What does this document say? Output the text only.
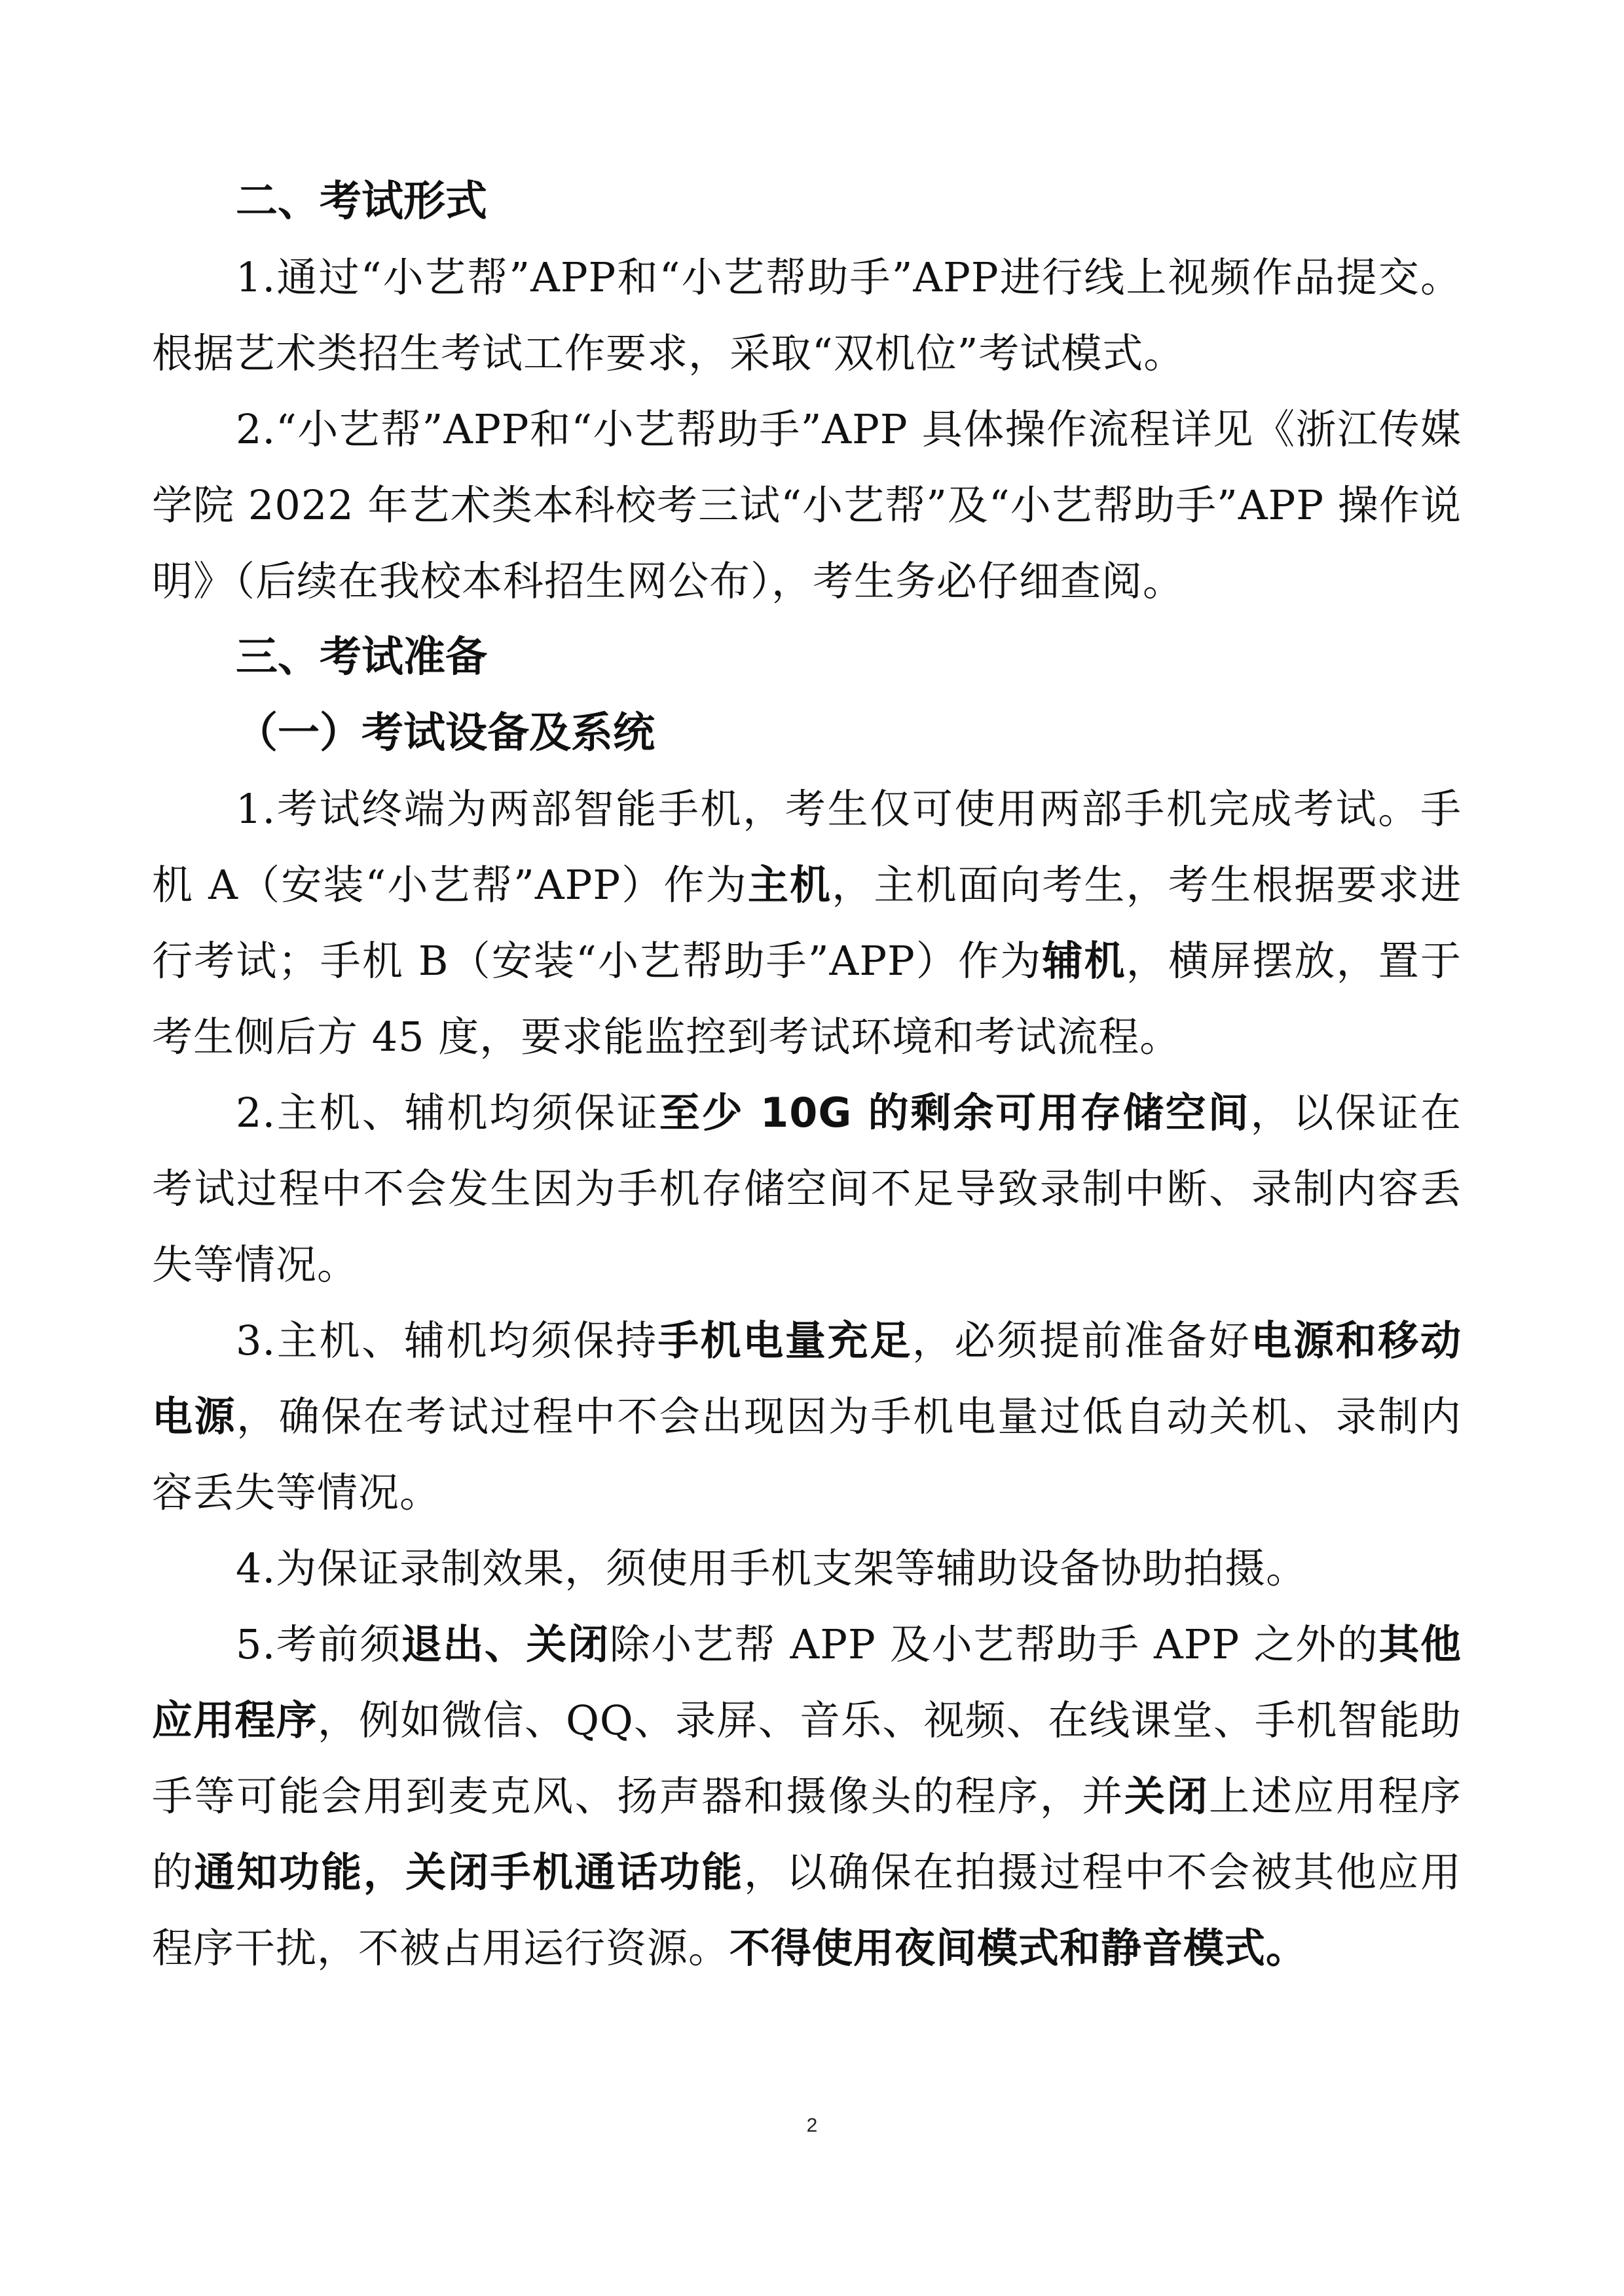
二、考试形式

1.通过“小艺帮”APP和“小艺帮助手”APP进行线上视频作品提交。根据艺术类招生考试工作要求，采取“双机位”考试模式。

2.“小艺帮”APP和“小艺帮助手”APP 具体操作流程详见《浙江传媒学院 2022 年艺术类本科校考三试“小艺帮”及“小艺帮助手”APP 操作说明》（后续在我校本科招生网公布），考生务必仔细查阅。

三、考试准备

（一）考试设备及系统

1.考试终端为两部智能手机，考生仅可使用两部手机完成考试。手机 A（安装“小艺帮”APP）作为主机，主机面向考生，考生根据要求进行考试；手机 B（安装“小艺帮助手”APP）作为辅机，横屏摆放，置于考生侧后方 45 度，要求能监控到考试环境和考试流程。

2.主机、辅机均须保证至少 10G 的剩余可用存储空间，以保证在考试过程中不会发生因为手机存储空间不足导致录制中断、录制内容丢失等情况。

3.主机、辅机均须保持手机电量充足，必须提前准备好电源和移动电源，确保在考试过程中不会出现因为手机电量过低自动关机、录制内容丢失等情况。

4.为保证录制效果，须使用手机支架等辅助设备协助拍摄。

5.考前须退出、关闭除小艺帮 APP 及小艺帮助手 APP 之外的其他应用程序，例如微信、QQ、录屏、音乐、视频、在线课堂、手机智能助手等可能会用到麦克风、扬声器和摄像头的程序，并关闭上述应用程序的通知功能，关闭手机通话功能，以确保在拍摄过程中不会被其他应用程序干扰，不被占用运行资源。不得使用夜间模式和静音模式。

2
